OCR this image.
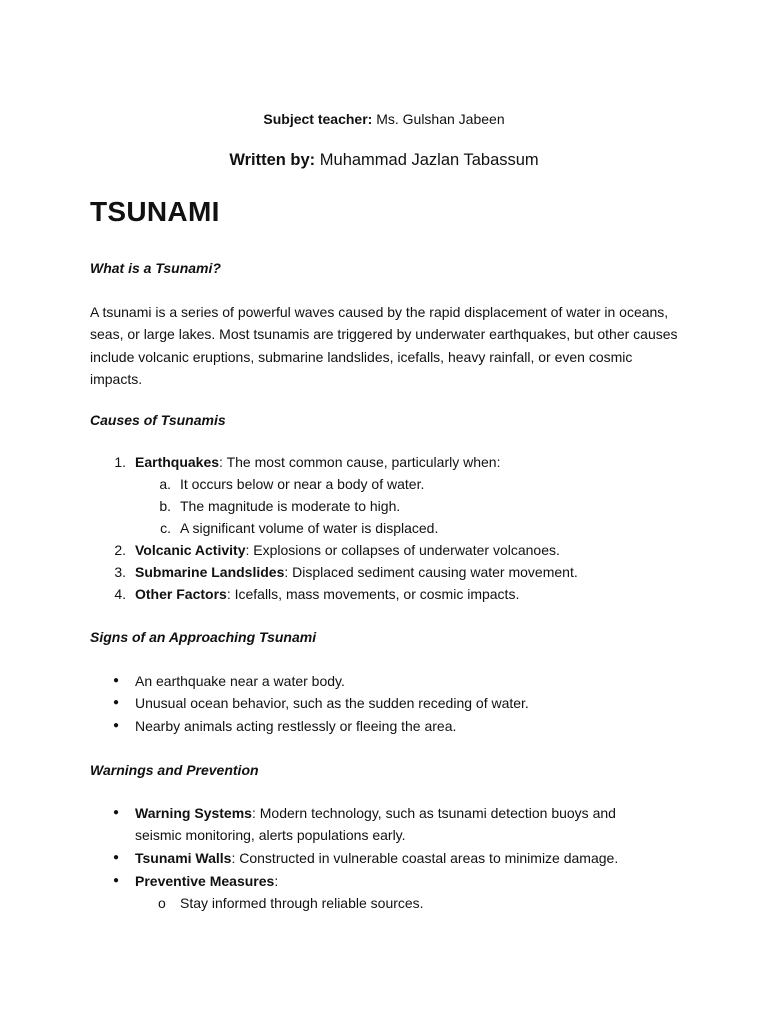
Subject teacher: Ms. Gulshan Jabeen
Written by: Muhammad Jazlan Tabassum
TSUNAMI
What is a Tsunami?
A tsunami is a series of powerful waves caused by the rapid displacement of water in oceans, seas, or large lakes. Most tsunamis are triggered by underwater earthquakes, but other causes include volcanic eruptions, submarine landslides, icefalls, heavy rainfall, or even cosmic impacts.
Causes of Tsunamis
1. Earthquakes: The most common cause, particularly when:
a. It occurs below or near a body of water.
b. The magnitude is moderate to high.
c. A significant volume of water is displaced.
2. Volcanic Activity: Explosions or collapses of underwater volcanoes.
3. Submarine Landslides: Displaced sediment causing water movement.
4. Other Factors: Icefalls, mass movements, or cosmic impacts.
Signs of an Approaching Tsunami
● An earthquake near a water body.
● Unusual ocean behavior, such as the sudden receding of water.
● Nearby animals acting restlessly or fleeing the area.
Warnings and Prevention
● Warning Systems: Modern technology, such as tsunami detection buoys and
seismic monitoring, alerts populations early.
● Tsunami Walls: Constructed in vulnerable coastal areas to minimize damage.
● Preventive Measures:
o Stay informed through reliable sources.
